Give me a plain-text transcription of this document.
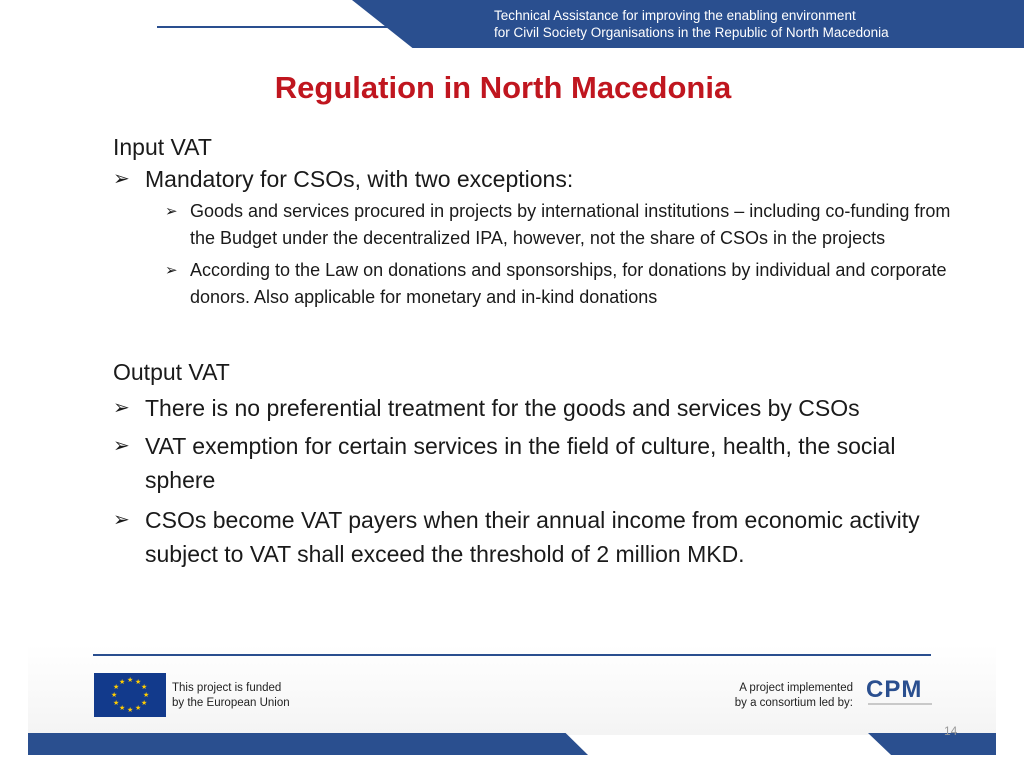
Technical Assistance for improving the enabling environment
for Civil Society Organisations in the Republic of North Macedonia
Regulation in North Macedonia

Input VAT

➢ Mandatory for CSOs, with two exceptions:

➢ Goods and services procured in projects by international institutions – including co-funding from the Budget under the decentralized IPA, however, not the share of CSOs in the projects

➢ According to the Law on donations and sponsorships, for donations by individual and corporate donors. Also applicable for monetary and in-kind donations

Output VAT

➢ There is no preferential treatment for the goods and services by CSOs

➢ VAT exemption for certain services in the field of culture, health, the social sphere

➢ CSOs become VAT payers when their annual income from economic activity subject to VAT shall exceed the threshold of 2 million MKD.

★ ★
★
★
★
★
★
★
★
★
★
★	This project is funded
by the European Union
A project implemented
by a consortium led by: CPM
14
